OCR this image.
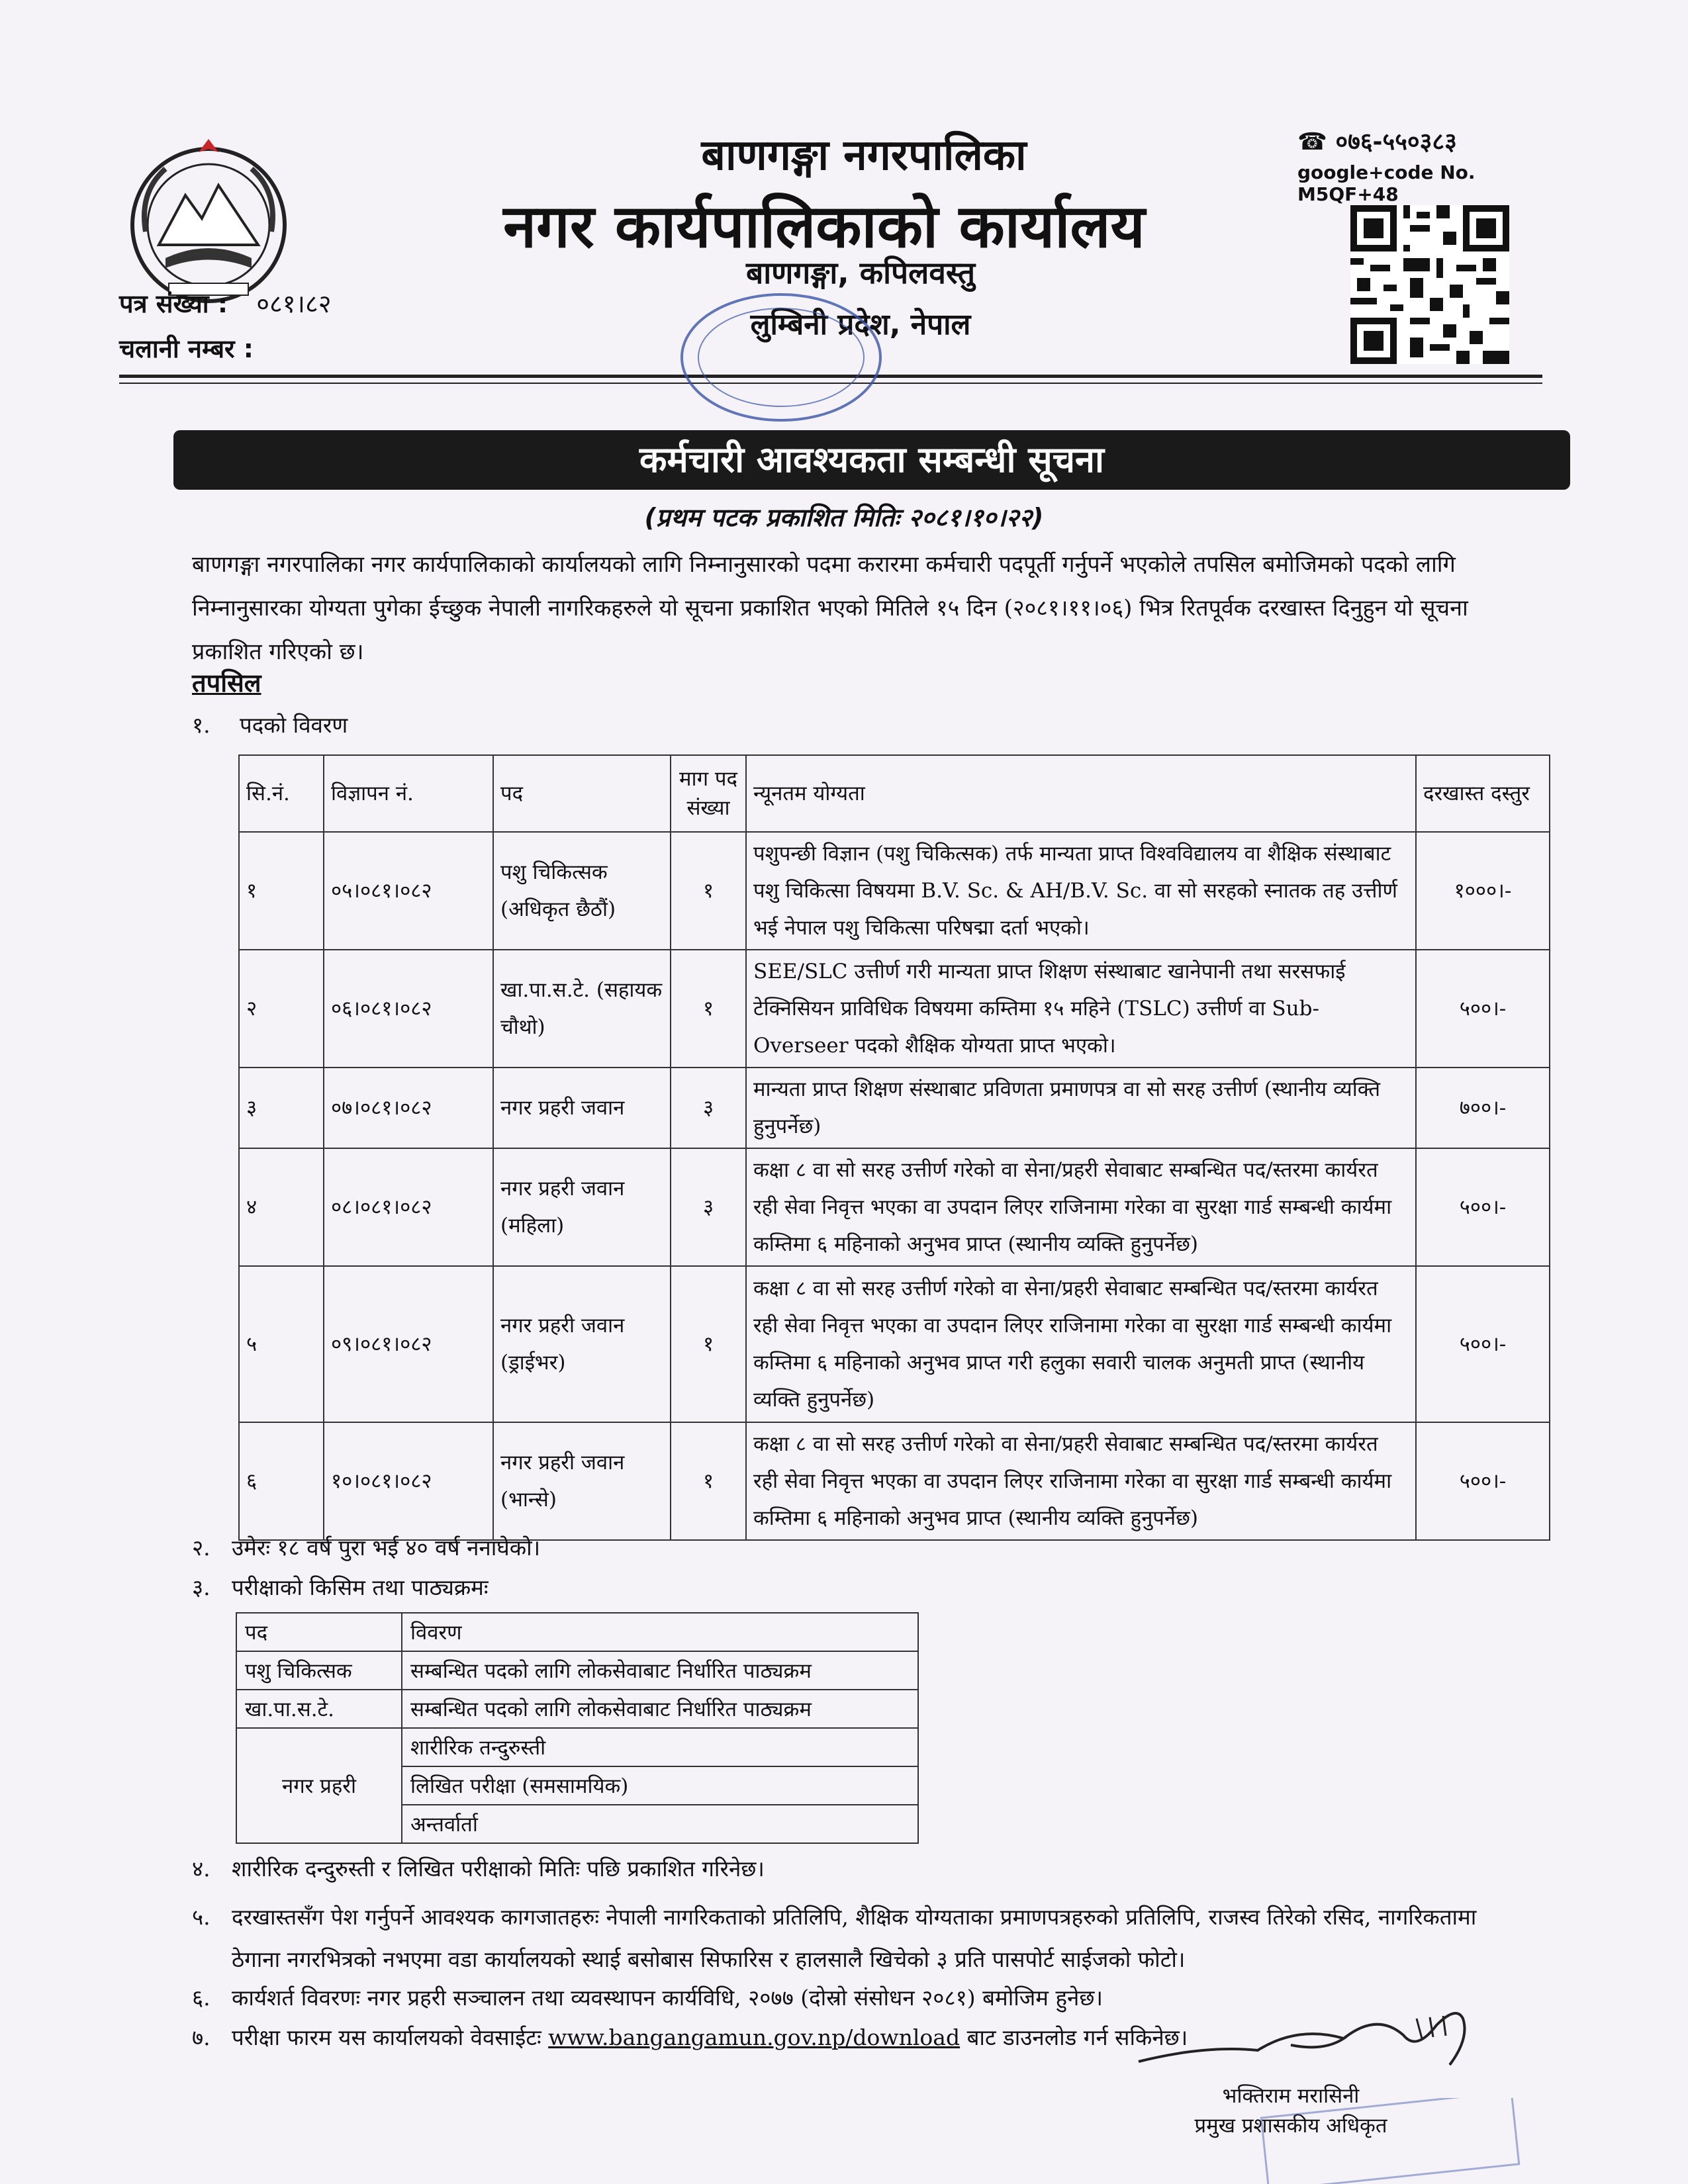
बाणगङ्गा नगरपालिका
नगर कार्यपालिकाको कार्यालय
बाणगङ्गा, कपिलवस्तु
लुम्बिनी प्रदेश, नेपाल
☎ ०७६-५५०३८३
google+code No. M5QF+48
पत्र संख्या : ०८१।८२
चलानी नम्बर :
कर्मचारी आवश्यकता सम्बन्धी सूचना
(प्रथम पटक प्रकाशित मितिः २०८१।१०।२२)
बाणगङ्गा नगरपालिका नगर कार्यपालिकाको कार्यालयको लागि निम्नानुसारको पदमा करारमा कर्मचारी पदपूर्ती गर्नुपर्ने भएकोले तपसिल बमोजिमको पदको लागि निम्नानुसारका योग्यता पुगेका ईच्छुक नेपाली नागरिकहरुले यो सूचना प्रकाशित भएको मितिले १५ दिन (२०८१।११।०६) भित्र रितपूर्वक दरखास्त दिनुहुन यो सूचना प्रकाशित गरिएको छ।
तपसिल
१. पदको विवरण
सि.नं.	विज्ञापन नं.	पद	माग पद संख्या	न्यूनतम योग्यता	दरखास्त दस्तुर
१	०५।०८१।०८२	पशु चिकित्सक (अधिकृत छैठौं)	१	पशुपन्छी विज्ञान (पशु चिकित्सक) तर्फ मान्यता प्राप्त विश्वविद्यालय वा शैक्षिक संस्थाबाट पशु चिकित्सा विषयमा B.V. Sc. & AH/B.V. Sc. वा सो सरहको स्नातक तह उत्तीर्ण भई नेपाल पशु चिकित्सा परिषद्मा दर्ता भएको।	१०००।-
२	०६।०८१।०८२	खा.पा.स.टे. (सहायक चौथो)	१	SEE/SLC उत्तीर्ण गरी मान्यता प्राप्त शिक्षण संस्थाबाट खानेपानी तथा सरसफाई टेक्निसियन प्राविधिक विषयमा कम्तिमा १५ महिने (TSLC) उत्तीर्ण वा Sub-Overseer पदको शैक्षिक योग्यता प्राप्त भएको।	५००।-
३	०७।०८१।०८२	नगर प्रहरी जवान	३	मान्यता प्राप्त शिक्षण संस्थाबाट प्रविणता प्रमाणपत्र वा सो सरह उत्तीर्ण (स्थानीय व्यक्ति हुनुपर्नेछ)	७००।-
४	०८।०८१।०८२	नगर प्रहरी जवान (महिला)	३	कक्षा ८ वा सो सरह उत्तीर्ण गरेको वा सेना/प्रहरी सेवाबाट सम्बन्धित पद/स्तरमा कार्यरत रही सेवा निवृत्त भएका वा उपदान लिएर राजिनामा गरेका वा सुरक्षा गार्ड सम्बन्धी कार्यमा कम्तिमा ६ महिनाको अनुभव प्राप्त (स्थानीय व्यक्ति हुनुपर्नेछ)	५००।-
५	०९।०८१।०८२	नगर प्रहरी जवान (ड्राईभर)	१	कक्षा ८ वा सो सरह उत्तीर्ण गरेको वा सेना/प्रहरी सेवाबाट सम्बन्धित पद/स्तरमा कार्यरत रही सेवा निवृत्त भएका वा उपदान लिएर राजिनामा गरेका वा सुरक्षा गार्ड सम्बन्धी कार्यमा कम्तिमा ६ महिनाको अनुभव प्राप्त गरी हलुका सवारी चालक अनुमती प्राप्त (स्थानीय व्यक्ति हुनुपर्नेछ)	५००।-
६	१०।०८१।०८२	नगर प्रहरी जवान (भान्से)	१	कक्षा ८ वा सो सरह उत्तीर्ण गरेको वा सेना/प्रहरी सेवाबाट सम्बन्धित पद/स्तरमा कार्यरत रही सेवा निवृत्त भएका वा उपदान लिएर राजिनामा गरेका वा सुरक्षा गार्ड सम्बन्धी कार्यमा कम्तिमा ६ महिनाको अनुभव प्राप्त (स्थानीय व्यक्ति हुनुपर्नेछ)	५००।-
२. उमेरः १८ वर्ष पुरा भई ४० वर्ष ननाघेको।
३. परीक्षाको किसिम तथा पाठ्यक्रमः
पद	विवरण
पशु चिकित्सक	सम्बन्धित पदको लागि लोकसेवाबाट निर्धारित पाठ्यक्रम
खा.पा.स.टे.	सम्बन्धित पदको लागि लोकसेवाबाट निर्धारित पाठ्यक्रम
नगर प्रहरी	शारीरिक तन्दुरुस्ती
	लिखित परीक्षा (समसामयिक)
	अन्तर्वार्ता
४. शारीरिक दन्दुरुस्ती र लिखित परीक्षाको मितिः पछि प्रकाशित गरिनेछ।
५. दरखास्तसँग पेश गर्नुपर्ने आवश्यक कागजातहरुः नेपाली नागरिकताको प्रतिलिपि, शैक्षिक योग्यताका प्रमाणपत्रहरुको प्रतिलिपि, राजस्व तिरेको रसिद, नागरिकतामा ठेगाना नगरभित्रको नभएमा वडा कार्यालयको स्थाई बसोबास सिफारिस र हालसालै खिचेको ३ प्रति पासपोर्ट साईजको फोटो।
६. कार्यशर्त विवरणः नगर प्रहरी सञ्चालन तथा व्यवस्थापन कार्यविधि, २०७७ (दोस्रो संसोधन २०८१) बमोजिम हुनेछ।
७. परीक्षा फारम यस कार्यालयको वेवसाईटः www.bangangamun.gov.np/download बाट डाउनलोड गर्न सकिनेछ।
भक्तिराम मरासिनी
प्रमुख प्रशासकीय अधिकृत
